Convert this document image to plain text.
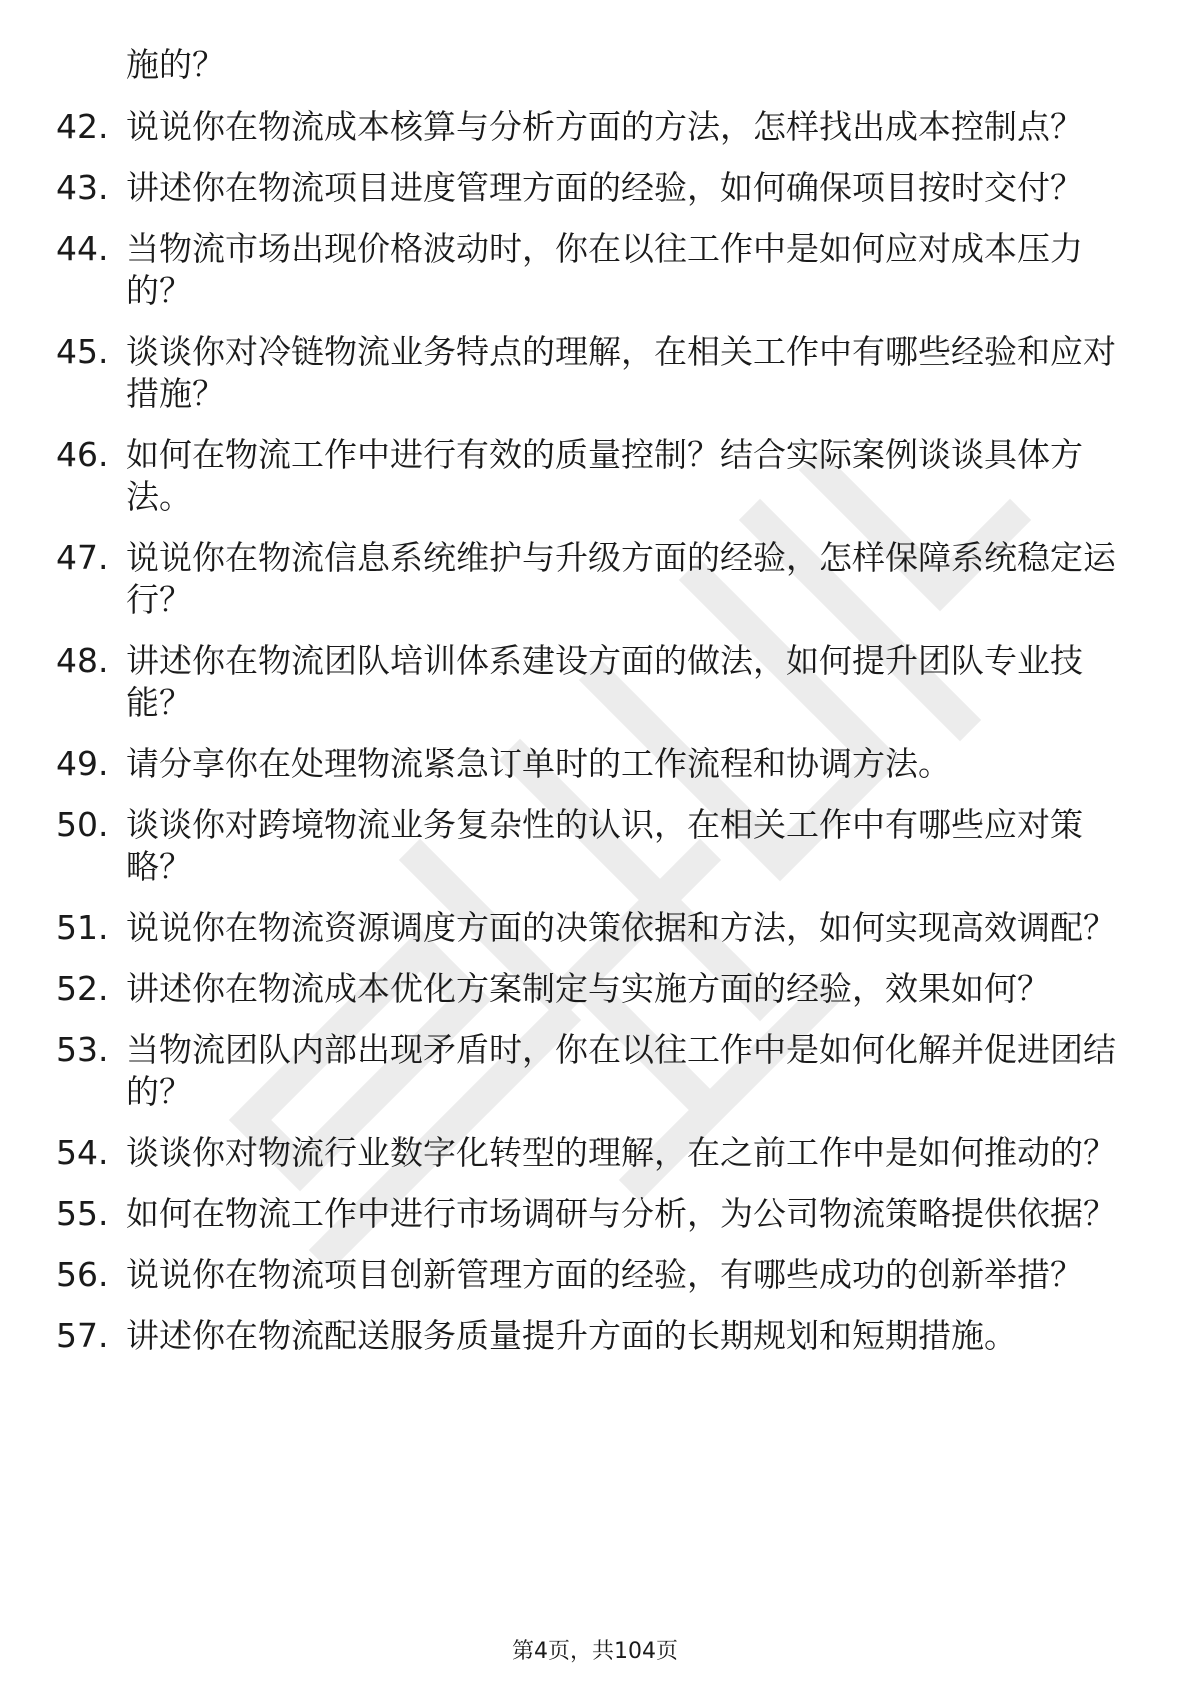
施的？
42. 说说你在物流成本核算与分析方面的方法，怎样找出成本控制点？
43. 讲述你在物流项目进度管理方面的经验，如何确保项目按时交付？
44. 当物流市场出现价格波动时，你在以往工作中是如何应对成本压力的？
45. 谈谈你对冷链物流业务特点的理解，在相关工作中有哪些经验和应对措施？
46. 如何在物流工作中进行有效的质量控制？结合实际案例谈谈具体方法。
47. 说说你在物流信息系统维护与升级方面的经验，怎样保障系统稳定运行？
48. 讲述你在物流团队培训体系建设方面的做法，如何提升团队专业技能？
49. 请分享你在处理物流紧急订单时的工作流程和协调方法。
50. 谈谈你对跨境物流业务复杂性的认识，在相关工作中有哪些应对策略？
51. 说说你在物流资源调度方面的决策依据和方法，如何实现高效调配？
52. 讲述你在物流成本优化方案制定与实施方面的经验，效果如何？
53. 当物流团队内部出现矛盾时，你在以往工作中是如何化解并促进团结的？
54. 谈谈你对物流行业数字化转型的理解，在之前工作中是如何推动的？
55. 如何在物流工作中进行市场调研与分析，为公司物流策略提供依据？
56. 说说你在物流项目创新管理方面的经验，有哪些成功的创新举措？
57. 讲述你在物流配送服务质量提升方面的长期规划和短期措施。
第4页，共104页
